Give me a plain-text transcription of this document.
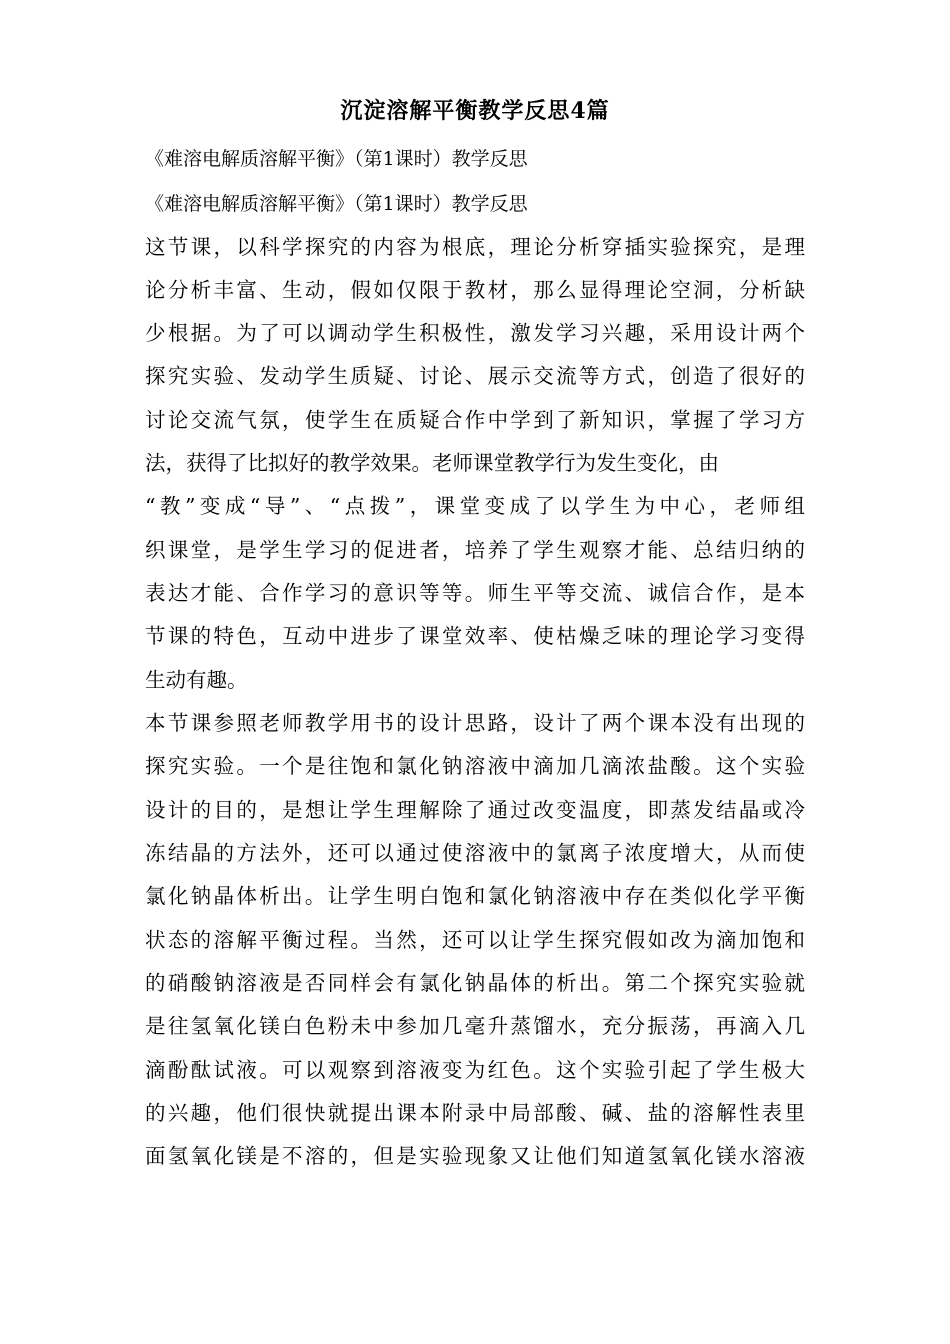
沉淀溶解平衡教学反思4篇
《难溶电解质溶解平衡》（第1课时）教学反思
《难溶电解质溶解平衡》（第1课时）教学反思
这节课，以科学探究的内容为根底，理论分析穿插实验探究，是理
论分析丰富、生动，假如仅限于教材，那么显得理论空洞，分析缺
少根据。为了可以调动学生积极性，激发学习兴趣，采用设计两个
探究实验、发动学生质疑、讨论、展示交流等方式，创造了很好的
讨论交流气氛，使学生在质疑合作中学到了新知识，掌握了学习方
法，获得了比拟好的教学效果。老师课堂教学行为发生变化，由
“教”变成“导”、“点拨”，课堂变成了以学生为中心，老师组
织课堂，是学生学习的促进者，培养了学生观察才能、总结归纳的
表达才能、合作学习的意识等等。师生平等交流、诚信合作，是本
节课的特色，互动中进步了课堂效率、使枯燥乏味的理论学习变得
生动有趣。
本节课参照老师教学用书的设计思路，设计了两个课本没有出现的
探究实验。一个是往饱和氯化钠溶液中滴加几滴浓盐酸。这个实验
设计的目的，是想让学生理解除了通过改变温度，即蒸发结晶或冷
冻结晶的方法外，还可以通过使溶液中的氯离子浓度增大，从而使
氯化钠晶体析出。让学生明白饱和氯化钠溶液中存在类似化学平衡
状态的溶解平衡过程。当然，还可以让学生探究假如改为滴加饱和
的硝酸钠溶液是否同样会有氯化钠晶体的析出。第二个探究实验就
是往氢氧化镁白色粉未中参加几毫升蒸馏水，充分振荡，再滴入几
滴酚酞试液。可以观察到溶液变为红色。这个实验引起了学生极大
的兴趣，他们很快就提出课本附录中局部酸、碱、盐的溶解性表里
面氢氧化镁是不溶的，但是实验现象又让他们知道氢氧化镁水溶液
